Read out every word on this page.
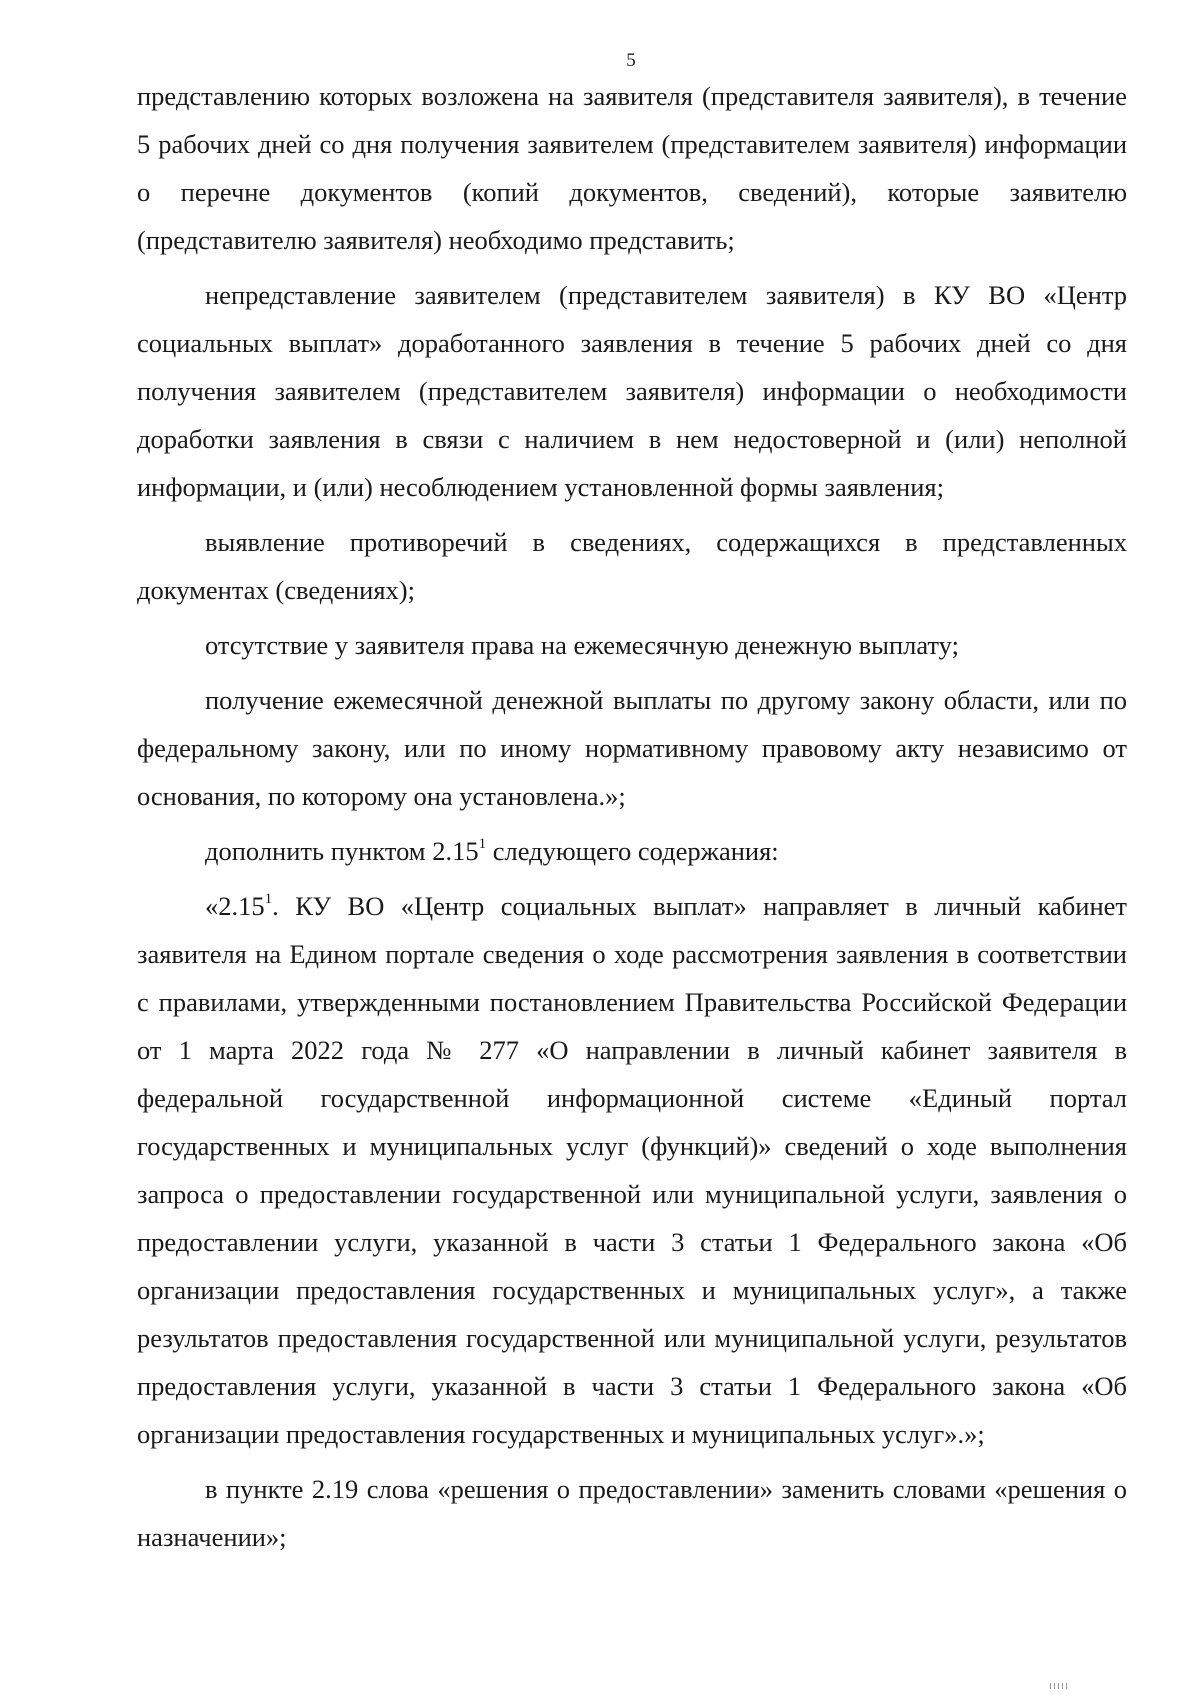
5

представлению которых возложена на заявителя (представителя заявителя), в течение 5 рабочих дней со дня получения заявителем (представителем заявителя) информации о перечне документов (копий документов, сведений), которые заявителю (представителю заявителя) необходимо представить;

непредставление заявителем (представителем заявителя) в КУ ВО «Центр социальных выплат» доработанного заявления в течение 5 рабочих дней со дня получения заявителем (представителем заявителя) информации о необходимости доработки заявления в связи с наличием в нем недостоверной и (или) неполной информации, и (или) несоблюдением установленной формы заявления;

выявление противоречий в сведениях, содержащихся в представленных документах (сведениях);

отсутствие у заявителя права на ежемесячную денежную выплату;

получение ежемесячной денежной выплаты по другому закону области, или по федеральному закону, или по иному нормативному правовому акту независимо от основания, по которому она установлена.»;

дополнить пунктом 2.15$^1$ следующего содержания:

«2.15$^1$. КУ ВО «Центр социальных выплат» направляет в личный кабинет заявителя на Едином портале сведения о ходе рассмотрения заявления в соответствии с правилами, утвержденными постановлением Правительства Российской Федерации от 1 марта 2022 года № 277 «О направлении в личный кабинет заявителя в федеральной государственной информационной системе «Единый портал государственных и муниципальных услуг (функций)» сведений о ходе выполнения запроса о предоставлении государственной или муниципальной услуги, заявления о предоставлении услуги, указанной в части 3 статьи 1 Федерального закона «Об организации предоставления государственных и муниципальных услуг», а также результатов предоставления государственной или муниципальной услуги, результатов предоставления услуги, указанной в части 3 статьи 1 Федерального закона «Об организации предоставления государственных и муниципальных услуг».»;

в пункте 2.19 слова «решения о предоставлении» заменить словами «решения о назначении»;
